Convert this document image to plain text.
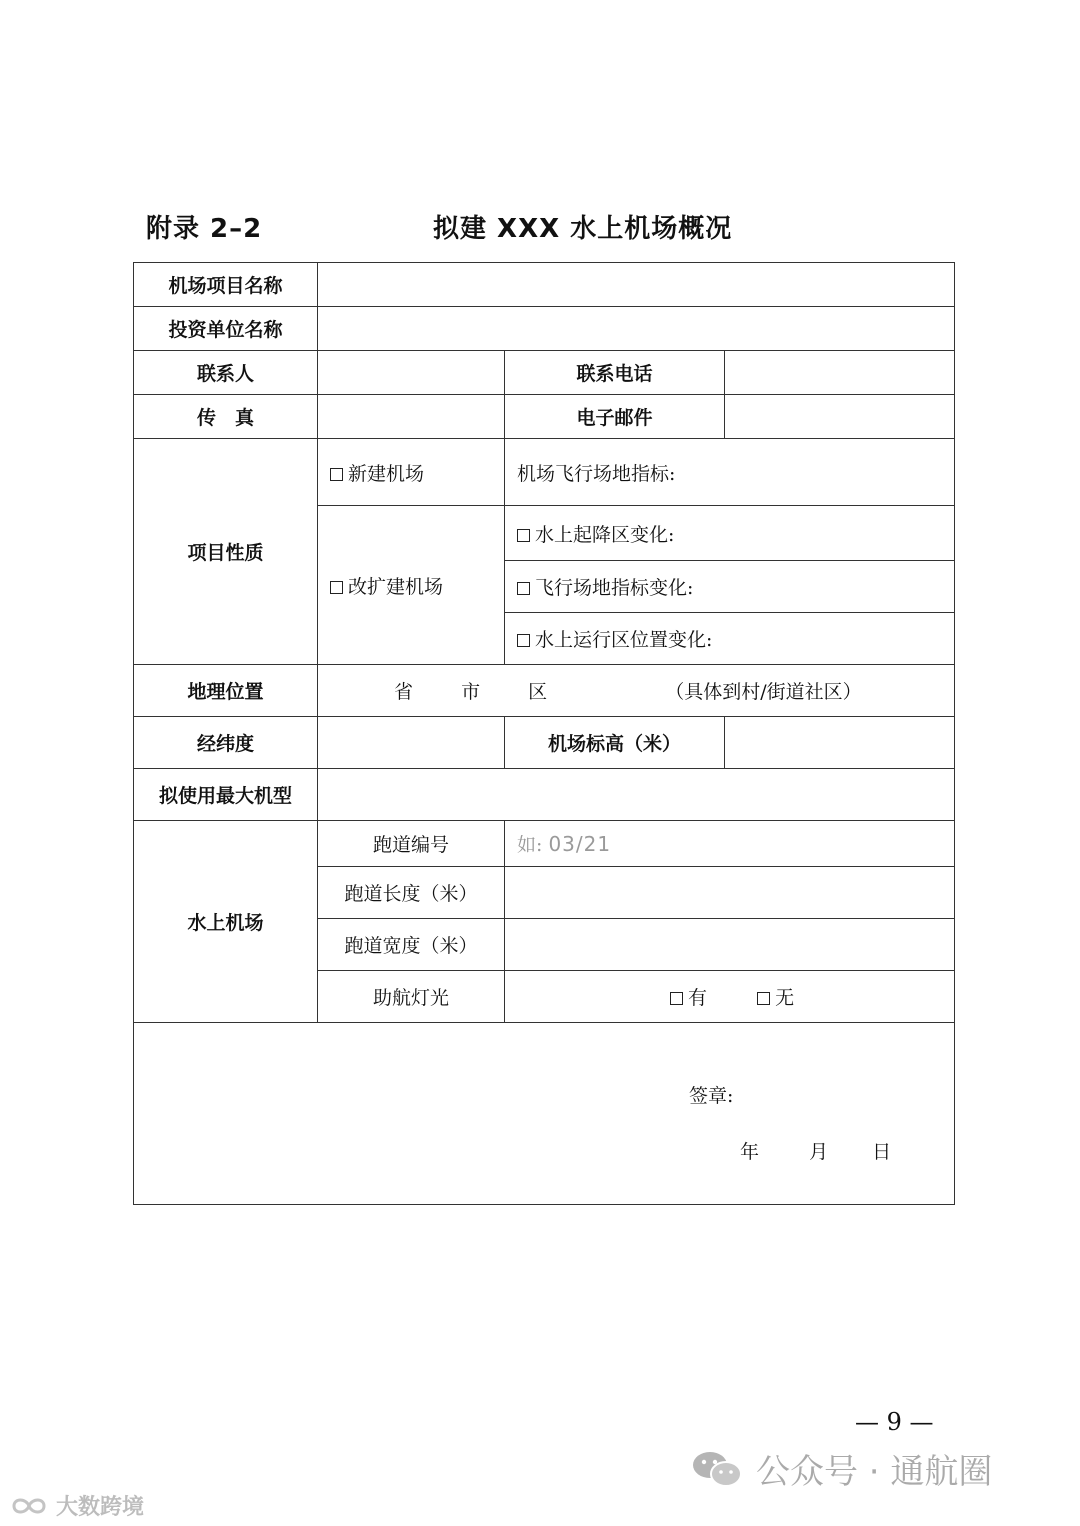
附录 2–2	拟建 XXX 水上机场概况
机场项目名称			
投资单位名称			
联系人		联系电话	
传　真		电子邮件	
项目性质	新建机场	机场飞行场地指标:	
	改扩建机场	水上起降区变化:	
		飞行场地指标变化:	
		水上运行区位置变化:	
地理位置	省 市 区 （具体到村/街道社区）		
经纬度		机场标高（米）	
拟使用最大机型			
水上机场	跑道编号	如: 03/21	
	跑道长度（米）		
	跑道宽度（米）		
	助航灯光	有 无	

签章:
年 月 日			
— 9 —
公众号 · 通航圈
大数跨境
